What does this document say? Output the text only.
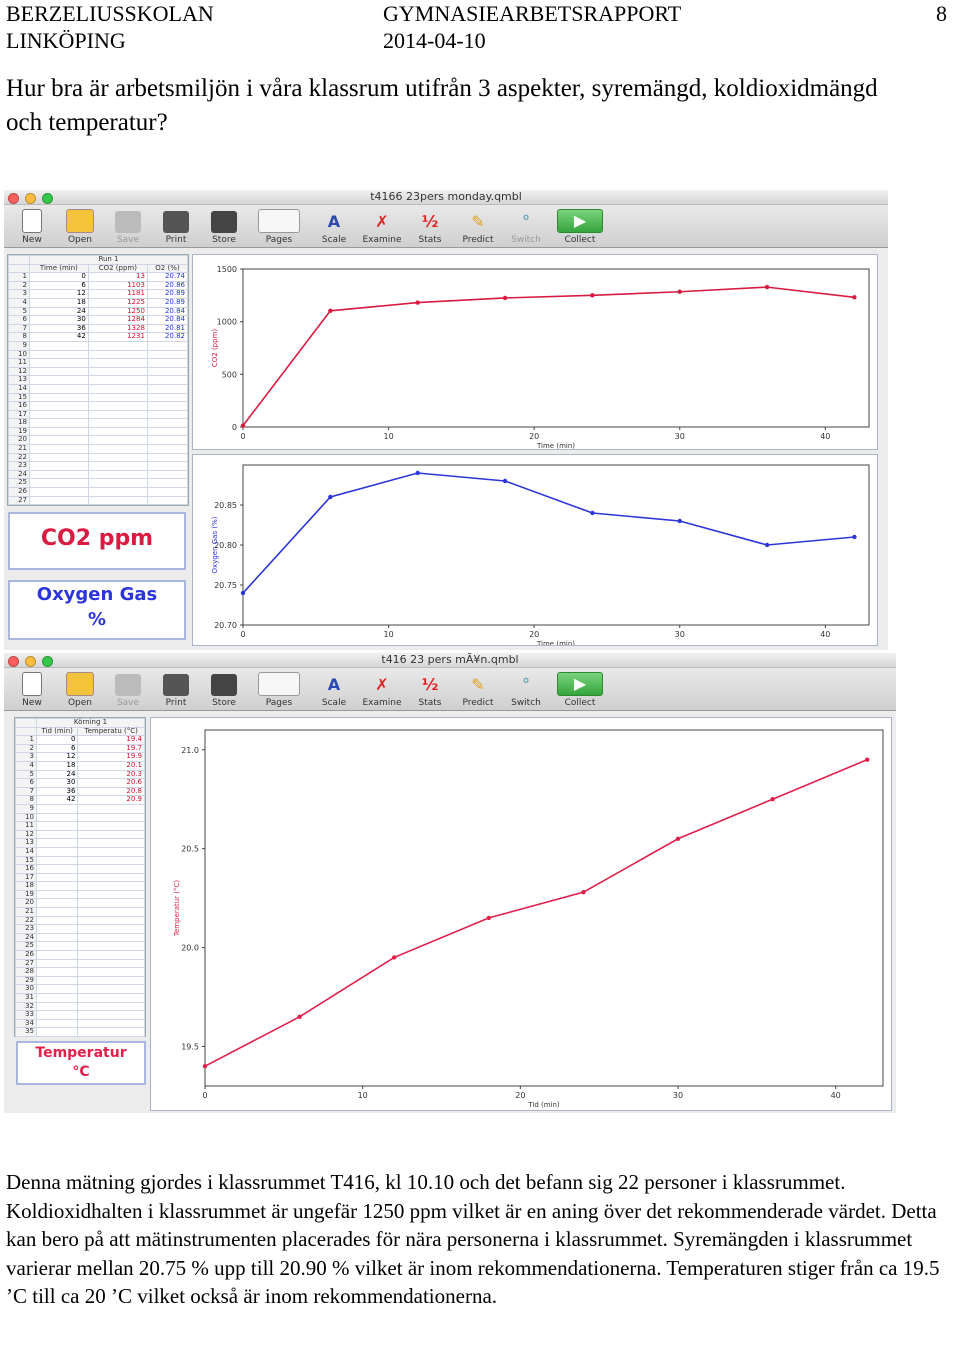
BERZELIUSSKOLAN
LINKÖPING
GYMNASIEARBETSRAPPORT
2014-04-10
8
Hur bra är arbetsmiljön i våra klassrum utifrån 3 aspekter, syremängd, koldioxidmängd och temperatur?
t4166 23pers monday.qmbl
New	Open	Save	Print	Store	Pages
A
Scale
✗
Examine
½
Stats
✎
Predict
°
Switch
▶
Collect
	Run 1		
	Time (min)	CO2 (ppm)	O2 (%)
1	0	13	20.74
2	6	1103	20.86
3	12	1181	20.89
4	18	1225	20.89
5	24	1250	20.84
6	30	1284	20.84
7	36	1328	20.81
8	42	1231	20.82
9			
10			
11			
12			
13			
14			
15			
16			
17			
18			
19			
20			
21			
22			
23			
24			
25			
26			
27			
CO2 ppm
Oxygen Gas
%
0
500
1000
1500
0	10	20	30	40
Time (min)
CO2 (ppm)
20.70
20.75
20.80
20.85
0	10	20	30	40
Time (min)
Oxygen Gas (%)
t416 23 pers mÃ¥n.qmbl
New	Open	Save	Print	Store	Pages
A
Scale
✗
Examine
½
Stats
✎
Predict
°
Switch
▶
Collect
	Körning 1	
	Tid (min)	Temperatu (°C)
1	0	19.4
2	6	19.7
3	12	19.9
4	18	20.1
5	24	20.3
6	30	20.6
7	36	20.8
8	42	20.9
9		
10		
11		
12		
13		
14		
15		
16		
17		
18		
19		
20		
21		
22		
23		
24		
25		
26		
27		
28		
29		
30		
31		
32		
33		
34		
35		
Temperatur
°C
19.5
20.0
20.5
21.0
0	10	20	30	40
Tid (min)
Temperatur (°C)

Denna mätning gjordes i klassrummet T416, kl 10.10 och det befann sig 22 personer i klassrummet.

Koldioxidhalten i klassrummet är ungefär 1250 ppm vilket är en aning över det rekommenderade värdet. Detta kan bero på att mätinstrumenten placerades för nära personerna i klassrummet. Syremängden i klassrummet varierar mellan 20.75 % upp till 20.90 % vilket är inom rekommendationerna. Temperaturen stiger från ca 19.5 ’C till ca 20 ’C vilket också är inom rekommendationerna.
